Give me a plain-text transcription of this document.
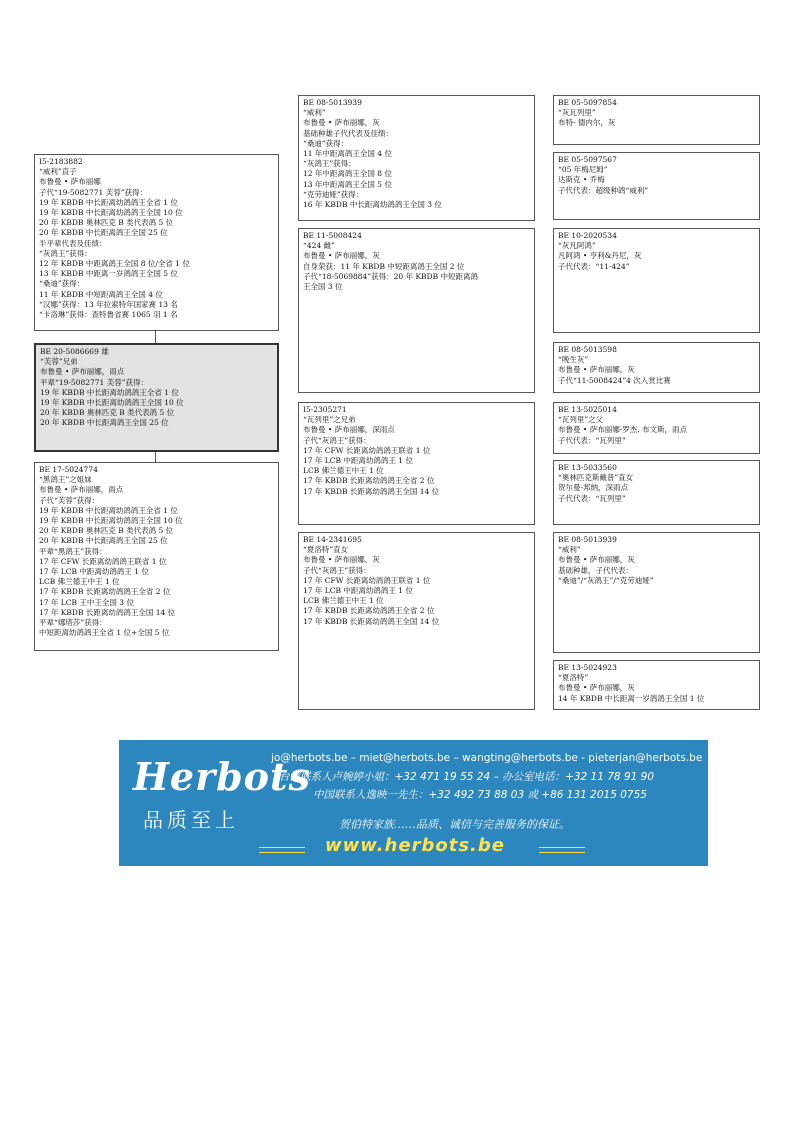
I5-2183882
“威利”直子
布鲁曼 • 萨布丽娜
子代“19-5082771 芙蓉”获得：
19 年 KBDB 中长距离幼鸽鸽王全省 1 位
19 年 KBDB 中长距离幼鸽鸽王全国 10 位
20 年 KBDB 奥林匹克 B 类代表鸽 5 位
20 年 KBDB 中长距离鸽王全国 25 位
半平辈代表及佳绩：
“灰鸽王”获得：
12 年 KBDB 中距离鸽王全国 8 位/全省 1 位
13 年 KBDB 中距离一岁鸽鸽王全国 5 位
“桑迪”获得：
11 年 KBDB 中短距离鸽王全国 4 位
“汉娜”获得：13 年拉索特年国家赛 13 名
“卡洛琳”获得：查特鲁省赛 1065 羽 1 名
BE 20-5086669 雄
“芙蓉”兄弟
布鲁曼 • 萨布丽娜，雨点
平辈“19-5082771 芙蓉”获得：
19 年 KBDB 中长距离幼鸽鸽王全省 1 位
19 年 KBDB 中长距离幼鸽鸽王全国 10 位
20 年 KBDB 奥林匹克 B 类代表鸽 5 位
20 年 KBDB 中长距离鸽王全国 25 位
BE 17-5024774
“黑鸽王”之姐妹
布鲁曼 • 萨布丽娜，雨点
子代“芙蓉”获得：
19 年 KBDB 中长距离幼鸽鸽王全省 1 位
19 年 KBDB 中长距离幼鸽鸽王全国 10 位
20 年 KBDB 奥林匹克 B 类代表鸽 5 位
20 年 KBDB 中长距离鸽王全国 25 位
平辈“黑鸽王”获得：
17 年 CFW 长距离幼鸽鸽王联省 1 位
17 年 LCB 中距离幼鸽鸽王 1 位
LCB 佛兰德王中王 1 位
17 年 KBDB 长距离幼鸽鸽王全省 2 位
17 年 LCB 王中王全国 3 位
17 年 KBDB 长距离幼鸽鸽王全国 14 位
平辈“娜塔莎”获得：
中短距离幼鸽鸽王全省 1 位+全国 5 位
BE 08-5013939
“威利”
布鲁曼 • 萨布丽娜，灰
基础种雄子代代表及佳绩：
“桑迪”获得：
11 年中距离鸽王全国 4 位
“灰鸽王”获得：
12 年中距离鸽王全国 8 位
13 年中距离鸽王全国 5 位
“克劳迪娅”获得：
16 年 KBDB 中长距离幼鸽鸽王全国 3 位
BE 11-5008424
“424 雌”
布鲁曼 • 萨布丽娜，灰
自身荣获：11 年 KBDB 中短距离鸽王全国 2 位
子代“18-5069884”获得：20 年 KBDB 中短距离鸽
王全国 3 位
I5-2305271
“瓦列里”之兄弟
布鲁曼 • 萨布丽娜，深雨点
子代“灰鸽王”获得：
17 年 CFW 长距离幼鸽鸽王联省 1 位
17 年 LCB 中距离幼鸽鸽王 1 位
LCB 佛兰德王中王 1 位
17 年 KBDB 长距离幼鸽鸽王全省 2 位
17 年 KBDB 长距离幼鸽鸽王全国 14 位
BE 14-2341695
“夏洛特”直女
布鲁曼 • 萨布丽娜，灰
子代“灰鸽王”获得：
17 年 CFW 长距离幼鸽鸽王联省 1 位
17 年 LCB 中距离幼鸽鸽王 1 位
LCB 佛兰德王中王 1 位
17 年 KBDB 长距离幼鸽鸽王全省 2 位
17 年 KBDB 长距离幼鸽鸽王全国 14 位
BE 05-5097854
“灰瓦列里”
布特- 德内尔，灰
BE 05-5097567
“05 年梅尼姆”
达斯克 • 乔梅
子代代表：超级种鸽“威利”
BE 10-2020534
“灰凡阿鸿”
凡阿鸿 • 亨利&丹尼，灰
子代代表：“11-424”
BE 08-5013598
“晚生灰”
布鲁曼 • 萨布丽娜，灰
子代“11-5008424”4 次入赏比赛
BE 13-5025014
“瓦列里”之父
布鲁曼 • 萨布丽娜-罗杰. 布文斯，雨点
子代代表：“瓦列里”
BE 13-5033560
“奥林匹克斯戴普”直女
贺尔曼-邦纳，深雨点
子代代表：“瓦列里”
BE 08-5013939
“威利”
布鲁曼 • 萨布丽娜，灰
基础种雄，子代代表：
“桑迪”/“灰鸽王”/“克劳迪娅”
BE 13-5024923
“夏洛特”
布鲁曼 • 萨布丽娜，灰
14 年 KBDB 中长距离一岁鸽鸽王全国 1 位
Herbots
品质至上
jo@herbots.be – miet@herbots.be – wangting@herbots.be - pieterjan@herbots.be
台湾联系人卢婉婷小姐：+32 471 19 55 24 – 办公室电话：+32 11 78 91 90
中国联系人逸映一先生：+32 492 73 88 03 或 +86 131 2015 0755
贺伯特家族……品质、诚信与完善服务的保证。
www.herbots.be
